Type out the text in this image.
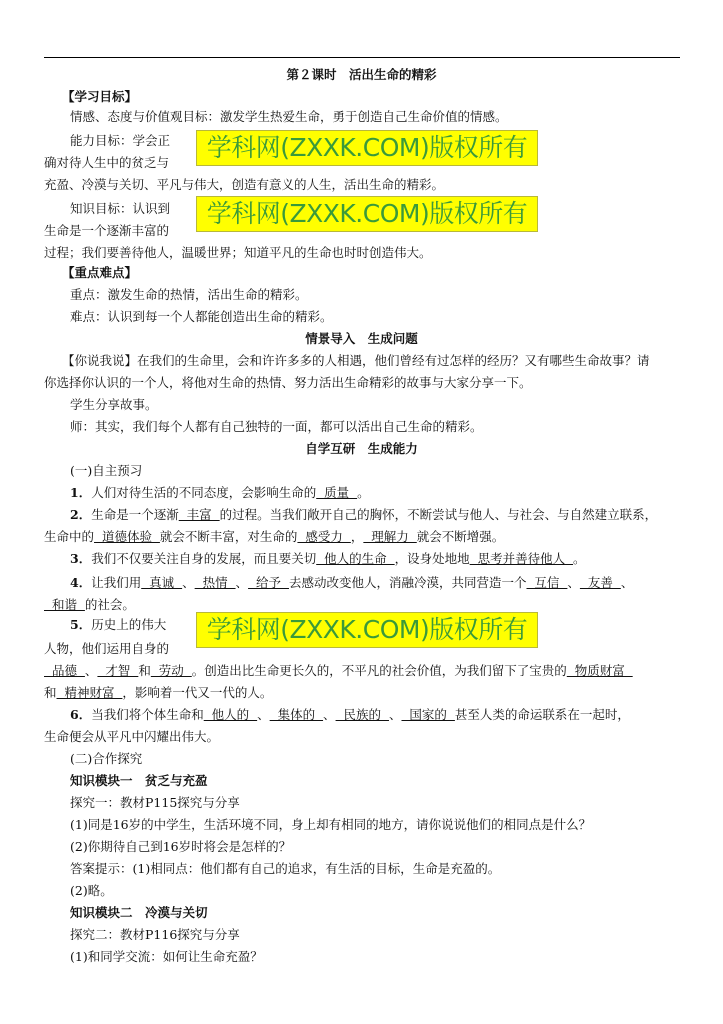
第２课时　活出生命的精彩
【学习目标】
情感、态度与价值观目标：激发学生热爱生命，勇于创造自己生命价值的情感。
能力目标：学会正
确对待人生中的贫乏与
充盈、冷漠与关切、平凡与伟大，创造有意义的人生，活出生命的精彩。
知识目标：认识到
生命是一个逐渐丰富的
过程；我们要善待他人，温暖世界；知道平凡的生命也时时创造伟大。
【重点难点】
重点：激发生命的热情，活出生命的精彩。
难点：认识到每一个人都能创造出生命的精彩。
情景导入　生成问题
【你说我说】在我们的生命里，会和许许多多的人相遇，他们曾经有过怎样的经历？又有哪些生命故事？请
你选择你认识的一个人，将他对生命的热情、努力活出生命精彩的故事与大家分享一下。
学生分享故事。
师：其实，我们每个人都有自己独特的一面，都可以活出自己生命的精彩。
自学互研　生成能力
(一)自主预习
1．人们对待生活的不同态度，会影响生命的  质量  。
2．生命是一个逐渐  丰富  的过程。当我们敞开自己的胸怀，不断尝试与他人、与社会、与自然建立联系，
生命中的  道德体验  就会不断丰富，对生命的  感受力  ，  理解力  就会不断增强。
3．我们不仅要关注自身的发展，而且要关切  他人的生命  ，设身处地地  思考并善待他人  。
4．让我们用  真诚  、  热情  、  给予  去感动改变他人，消融冷漠，共同营造一个  互信  、  友善  、
和谐  的社会。
5．历史上的伟大
人物，他们运用自身的
品德  、  才智  和  劳动  。创造出比生命更长久的，不平凡的社会价值，为我们留下了宝贵的  物质财富
和  精神财富  ，影响着一代又一代的人。
6．当我们将个体生命和  他人的  、  集体的  、  民族的  、  国家的  甚至人类的命运联系在一起时，
生命便会从平凡中闪耀出伟大。
(二)合作探究
知识模块一　贫乏与充盈
探究一：教材P115探究与分享
(1)同是16岁的中学生，生活环境不同，身上却有相同的地方，请你说说他们的相同点是什么？
(2)你期待自己到16岁时将会是怎样的？
答案提示：(1)相同点：他们都有自己的追求，有生活的目标，生命是充盈的。
(2)略。
知识模块二　冷漠与关切
探究二：教材P116探究与分享
(1)和同学交流：如何让生命充盈？
学科网(ZXXK.COM)版权所有
学科网(ZXXK.COM)版权所有
学科网(ZXXK.COM)版权所有
